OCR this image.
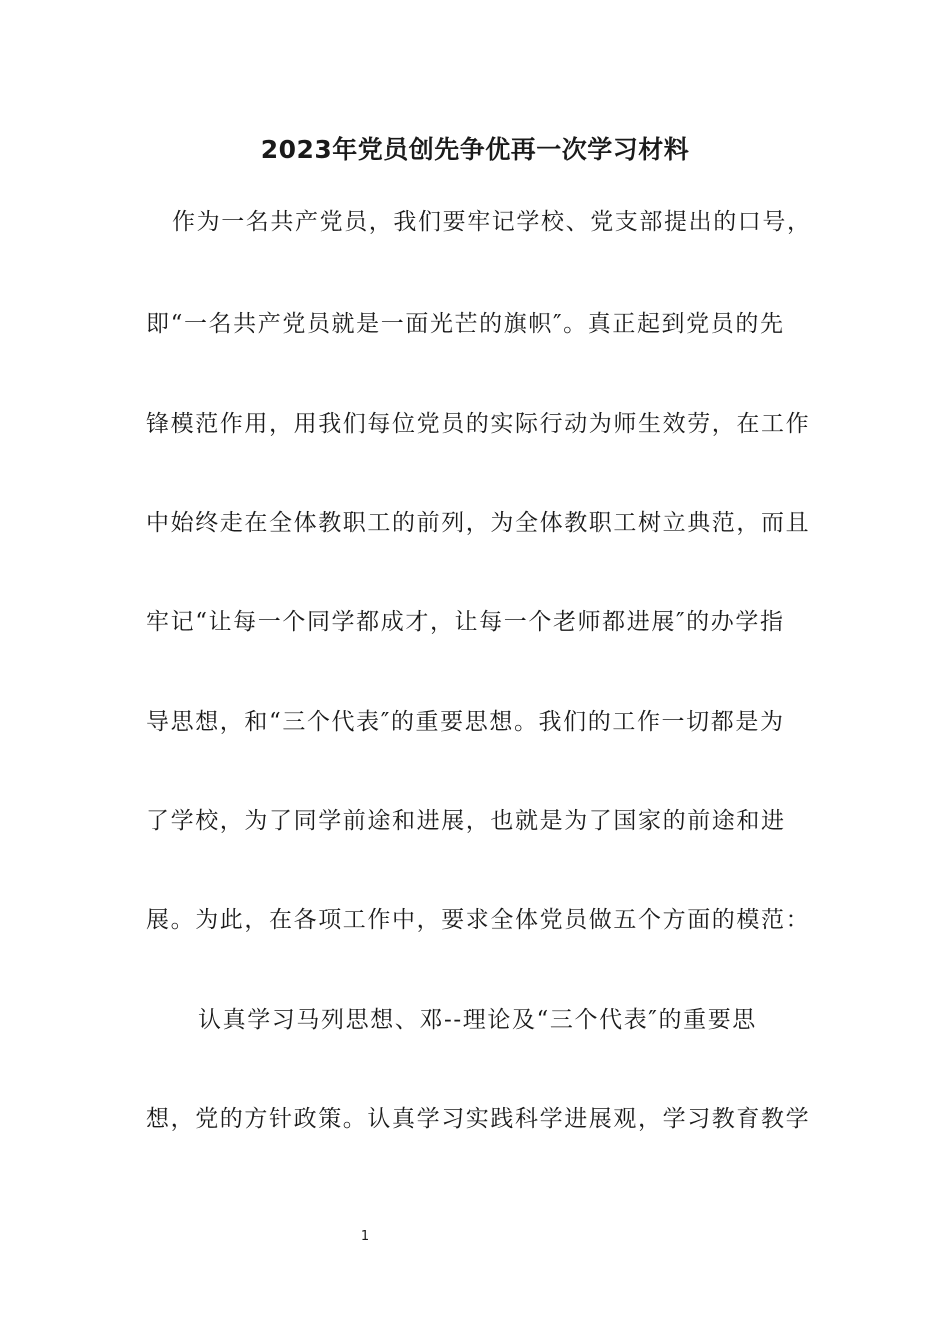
2023年党员创先争优再一次学习材料

作为一名共产党员，我们要牢记学校、党支部提出的口号，

即“一名共产党员就是一面光芒的旗帜″。真正起到党员的先

锋模范作用，用我们每位党员的实际行动为师生效劳，在工作

中始终走在全体教职工的前列，为全体教职工树立典范，而且

牢记“让每一个同学都成才，让每一个老师都进展″的办学指

导思想，和“三个代表″的重要思想。我们的工作一切都是为

了学校，为了同学前途和进展，也就是为了国家的前途和进

展。为此，在各项工作中，要求全体党员做五个方面的模范：

认真学习马列思想、邓--理论及“三个代表″的重要思

想，党的方针政策。认真学习实践科学进展观，学习教育教学

1
